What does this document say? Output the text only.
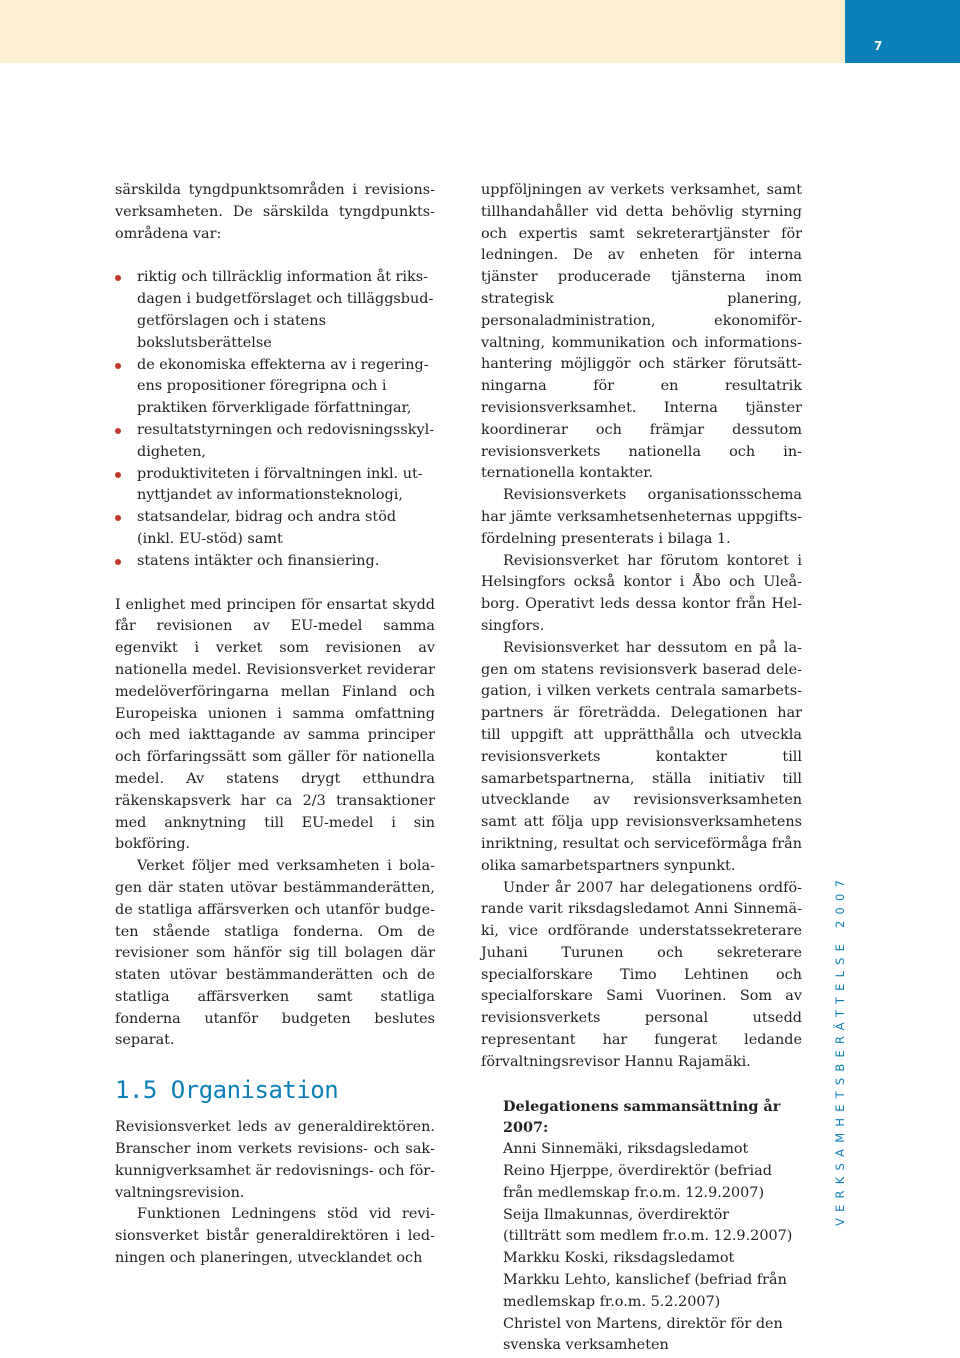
7
VERKSAMHETSBERÄTTELSE 2007

särskilda tyngdpunktsområden i revisionsverksamheten. De särskilda tyngdpunktsområdena var:

riktig och tillräcklig information åt riksdagen i budgetförslaget och tilläggsbudgetförslagen och i statens bokslutsberättelse
de ekonomiska effekterna av i regeringens propositioner föregripna och i praktiken förverkligade författningar,
resultatstyrningen och redovisningsskyldigheten,
produktiviteten i förvaltningen inkl. utnyttjandet av informationsteknologi,
statsandelar, bidrag och andra stöd (inkl. EU-stöd) samt
statens intäkter och finansiering.

I enlighet med principen för ensartat skydd får revisionen av EU-medel samma egenvikt i verket som revisionen av nationella medel. Revisionsverket reviderar medelöverföringarna mellan Finland och Europeiska unionen i samma omfattning och med iakttagande av samma principer och förfaringssätt som gäller för nationella medel. Av statens drygt etthundra räkenskapsverk har ca 2/3 transaktioner med anknytning till EU-medel i sin bokföring.

Verket följer med verksamheten i bolagen där staten utövar bestämmanderätten, de statliga affärsverken och utanför budgeten stående statliga fonderna. Om de revisioner som hänför sig till bolagen där staten utövar bestämmanderätten och de statliga affärsverken samt statliga fonderna utanför budgeten beslutes separat.

1.5 Organisation

Revisionsverket leds av generaldirektören. Branscher inom verkets revisions- och sakkunnigverksamhet är redovisnings- och förvaltningsrevision.

Funktionen Ledningens stöd vid revisionsverket bistår generaldirektören i ledningen och planeringen, utvecklandet och

uppföljningen av verkets verksamhet, samt tillhandahåller vid detta behövlig styrning och expertis samt sekreterartjänster för ledningen. De av enheten för interna tjänster producerade tjänsterna inom strategisk planering, personaladministration, ekonomiförvaltning, kommunikation och informationshantering möjliggör och stärker förutsättningarna för en resultatrik revisionsverksamhet. Interna tjänster koordinerar och främjar dessutom revisionsverkets nationella och internationella kontakter.

Revisionsverkets organisationsschema har jämte verksamhetsenheternas uppgiftsfördelning presenterats i bilaga 1.

Revisionsverket har förutom kontoret i Helsingfors också kontor i Åbo och Uleåborg. Operativt leds dessa kontor från Helsingfors.

Revisionsverket har dessutom en på lagen om statens revisionsverk baserad delegation, i vilken verkets centrala samarbetspartners är företrädda. Delegationen har till uppgift att upprätthålla och utveckla revisionsverkets kontakter till samarbetspartnerna, ställa initiativ till utvecklande av revisionsverksamheten samt att följa upp revisionsverksamhetens inriktning, resultat och serviceförmåga från olika samarbetspartners synpunkt.

Under år 2007 har delegationens ordförande varit riksdagsledamot Anni Sinnemäki, vice ordförande understatssekreterare Juhani Turunen och sekreterare specialforskare Timo Lehtinen och specialforskare Sami Vuorinen. Som av revisionsverkets personal utsedd representant har fungerat ledande förvaltningsrevisor Hannu Rajamäki.

Delegationens sammansättning år 2007:

Anni Sinnemäki, riksdagsledamot

Reino Hjerppe, överdirektör (befriad

från medlemskap fr.o.m. 12.9.2007)

Seija Ilmakunnas, överdirektör

(tillträtt som medlem fr.o.m. 12.9.2007)

Markku Koski, riksdagsledamot

Markku Lehto, kanslichef (befriad från

medlemskap fr.o.m. 5.2.2007)

Christel von Martens, direktör för den

svenska verksamheten
